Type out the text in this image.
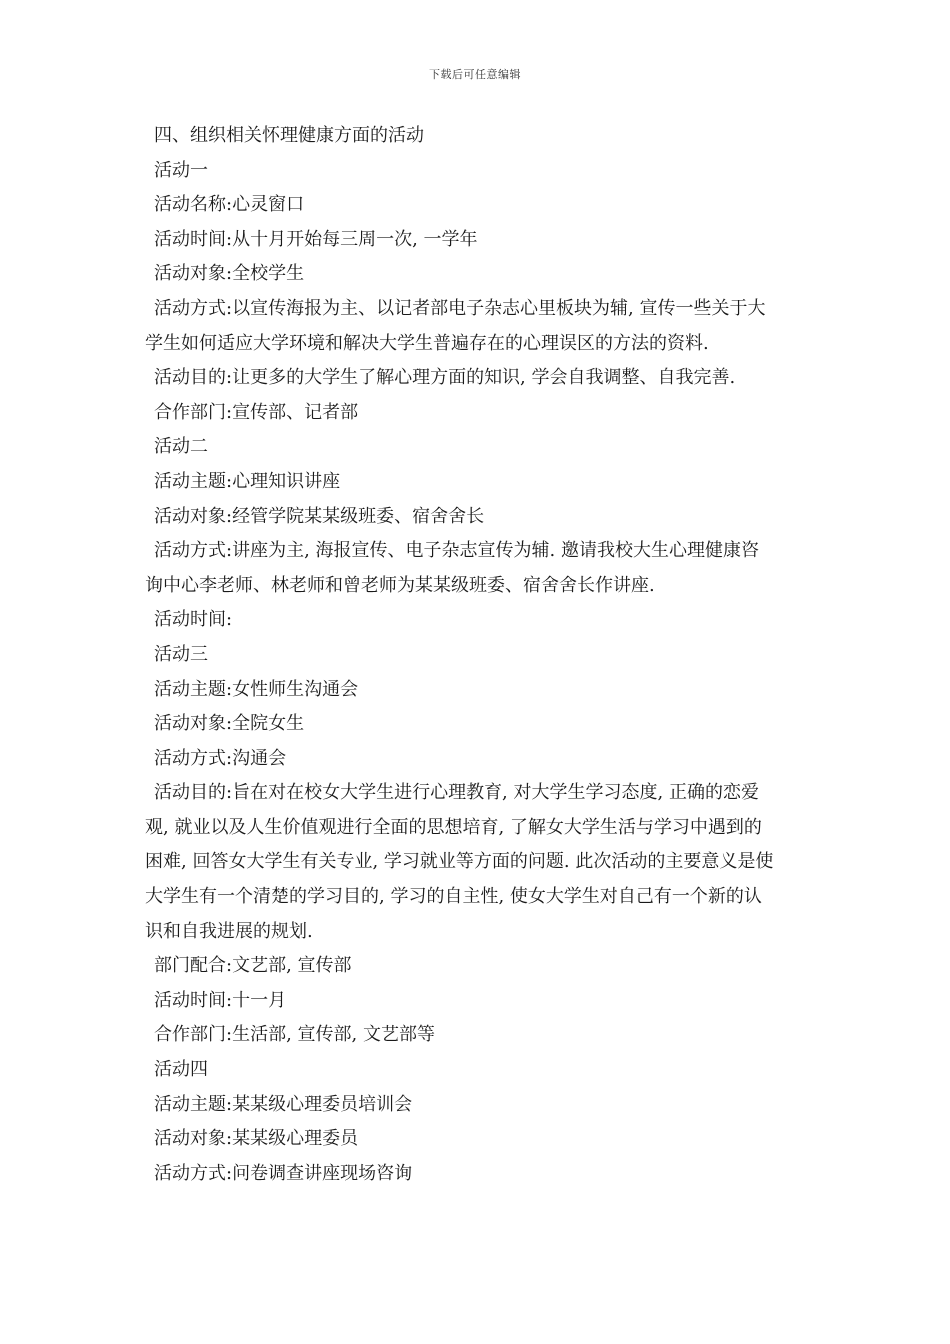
下载后可任意编辑
四、组织相关怀理健康方面的活动
活动一
活动名称:心灵窗口
活动时间:从十月开始每三周一次, 一学年
活动对象:全校学生
活动方式:以宣传海报为主、以记者部电子杂志心里板块为辅, 宣传一些关于大
学生如何适应大学环境和解决大学生普遍存在的心理误区的方法的资料.
活动目的:让更多的大学生了解心理方面的知识, 学会自我调整、自我完善.
合作部门:宣传部、记者部
活动二
活动主题:心理知识讲座
活动对象:经管学院某某级班委、宿舍舍长
活动方式:讲座为主, 海报宣传、电子杂志宣传为辅. 邀请我校大生心理健康咨
询中心李老师、林老师和曾老师为某某级班委、宿舍舍长作讲座.
活动时间:
活动三
活动主题:女性师生沟通会
活动对象:全院女生
活动方式:沟通会
活动目的:旨在对在校女大学生进行心理教育, 对大学生学习态度, 正确的恋爱
观, 就业以及人生价值观进行全面的思想培育, 了解女大学生活与学习中遇到的
困难, 回答女大学生有关专业, 学习就业等方面的问题. 此次活动的主要意义是使
大学生有一个清楚的学习目的, 学习的自主性, 使女大学生对自己有一个新的认
识和自我进展的规划.
部门配合:文艺部, 宣传部
活动时间:十一月
合作部门:生活部, 宣传部, 文艺部等
活动四
活动主题:某某级心理委员培训会
活动对象:某某级心理委员
活动方式:问卷调查讲座现场咨询
